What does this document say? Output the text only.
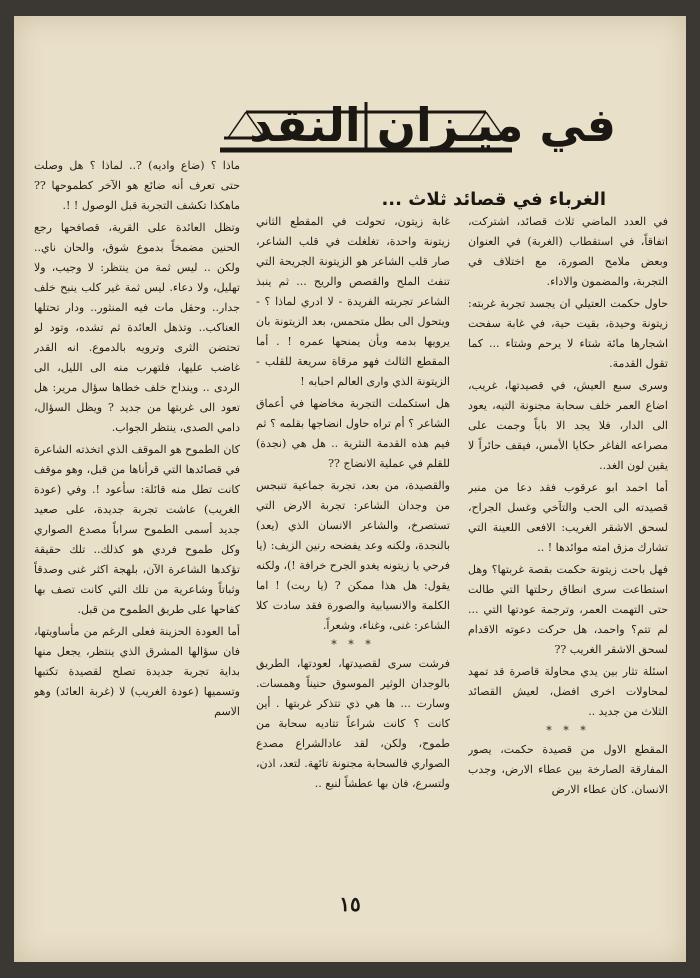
في ميـزان النقد
الغرباء في قصائد ثلاث ...

في العدد الماضي ثلاث قصائد، اشتركت، اتفاقاً، في استقطاب (الغربة) في العنوان وبعض ملامح الصورة، مع اختلاف في التجربة، والمضمون والاداء.

حاول حكمت العتيلي ان يجسد تجربة غربته: زيتونة وحيدة، بقيت حية، في غابة سفحت اشجارها مائة شتاء لا يرحم وشتاء ... كما تقول القدمة.

وسرى سبع العيش، في قصيدتها، غريب، اضاع العمر خلف سحابة مجنونة التيه، يعود الى الدار، فلا يجد الا باباً وجمت على مصراعه الفاغر حكايا الأمس، فيقف حائراً لا يقين لون الغد..

أما احمد ابو عرقوب فقد دعا من منبر قصيدته الى الحب والتآخي وغسل الجراح، لسحق الاشقر الغريب: الافعى اللعينة التي تشارك مزق امته موائدها ! ..

فهل باحت زيتونة حكمت بقصة غربتها؟ وهل استطاعت سرى انطاق رحلتها التي طالت حتى التهمت العمر، وترجمة عودتها التي ... لم تتم؟ واحمد، هل حركت دعوته الاقدام لسحق الاشقر الغريب ??

اسئلة تثار بين يدي محاولة قاصرة قد تمهد لمحاولات اخرى افضل، لعيش القصائد الثلاث من جديد ..

* * *

المقطع الاول من قصيدة حكمت، يصور المفارقة الصارخة بين عطاء الارض، وجدب الانسان. كان عطاء الارض

غابة زيتون، تحولت في المقطع الثاني زيتونة واحدة، تغلغلت في قلب الشاعر، صار قلب الشاعر هو الزيتونة الجريحة التي تنفث الملح والقصص والريح ... ثم ينبذ الشاعر تجربته الفريدة - لا ادري لماذا ؟ - ويتحول الى بطل متحمس، بعد الزيتونة بان يرويها بدمه وبأن يمنحها عمره ! . أما المقطع الثالث فهو مرقاة سريعة للقلب - الزيتونة الذي وارى العالم احبابه !

هل استكملت التجربة مخاضها في أعماق الشاعر ؟ أم تراه حاول انضاجها بقلمه ؟ ثم فيم هذه القدمة النثرية .. هل هي (نجدة) للقلم في عملية الانضاج ??

والقصيدة، من بعد، تجربة جماعية تنبجس من وجدان الشاعر: تجربة الارض التي تستصرخ، والشاعر الانسان الذي (يعد) بالنجدة، ولكنه وعد يفضحه رنين الزيف: (يا فرحي يا زيتونه يغدو الجرح خرافة !)، ولكنه يقول: هل هذا ممكن ? (يا ربت) ! اما الكلمة والانسيابية والصورة فقد سادت كلا الشاعر: غنى، وغناء، وشعراً.

* * *

فرشت سرى لقصيدتها، لعودتها، الطريق بالوجدان الوثير الموسوق حنيناً وهمسات. وسارت ... ها هي ذي تتذكر غربتها . أين كانت ؟ كانت شراعاً تتاديه سحابة من طموح، ولكن، لقد عادالشراع مصدع الصواري فالسحابة مجنونة تائهة. لتعد، اذن، ولتسرع، فان بها عطشاً لنبع ..

ماذا ؟ (ضاع واديه) ?.. لماذا ؟ هل وصلت حتى تعرف أنه ضائع هو الآخر كطموحها ?? ماهكذا تكشف التجربة قبل الوصول ! !.

وتظل العائدة على القرية، قصافحها رجع الحنين مضمخاً بدموع شوق، والحان ناي.. ولكن .. ليس ثمة من ينتظر: لا وجيب، ولا تهليل، ولا دعاء. ليس ثمة غير كلب ينبح خلف جدار.. وحقل مات فيه المنثور.. ودار تحتلها العناكب.. وتذهل العائدة ثم تشده، وتود لو تحتضن الثرى وترويه بالدموع. انه القدر غاضب عليها، فلتهرب منه الى الليل، الى الردى .. وينداح خلف خطاها سؤال مرير: هل تعود الى غربتها من جديد ? ويظل السؤال، دامي الصدى، ينتظر الجواب.

كان الطموح هو الموقف الذي اتخذته الشاعرة في قصائدها التي قرأناها من قبل، وهو موقف كانت تطل منه قائلة: سأعود !. وفي (عودة الغريب) عاشت تجربة جديدة، على صعيد جديد أسمى الطموح سراباً مصدع الصواري وكل طموح فردي هو كذلك.. تلك حقيقة تؤكدها الشاعرة الآن، بلهجة اكثر غنى وصدقاً وثباتاً وشاعرية من تلك التي كانت تصف بها كفاحها على طريق الطموح من قبل.

أما العودة الحزينة فعلى الرغم من مأساويتها، فان سؤالها المشرق الذي ينتظر، يجعل منها بداية تجربة جديدة تصلح لقصيدة تكتبها وتسميها (عودة الغريب) لا (غربة العائد) وهو الاسم

١٥
